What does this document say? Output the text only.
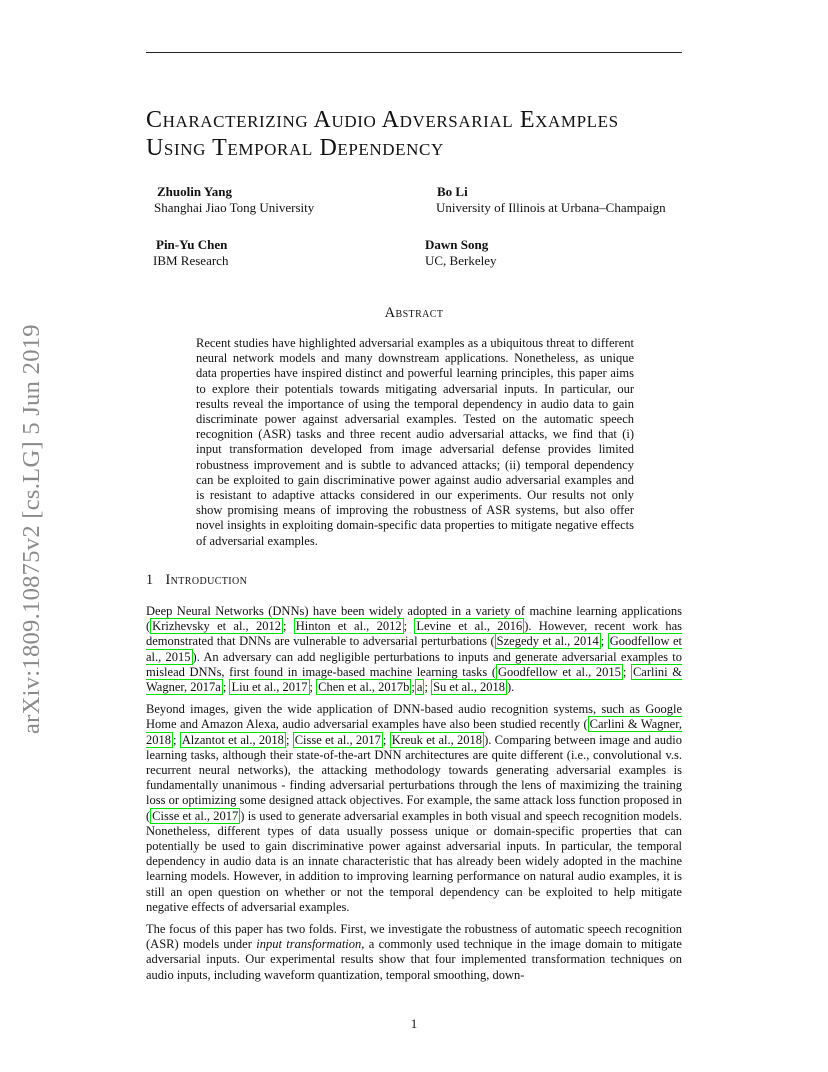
Characterizing Audio Adversarial Examples
Using Temporal Dependency
Zhuolin Yang
Shanghai Jiao Tong University
Bo Li
University of Illinois at Urbana–Champaign
Pin-Yu Chen
IBM Research
Dawn Song
UC, Berkeley
Abstract

Recent studies have highlighted adversarial examples as a ubiquitous threat to different neural network models and many downstream applications. Nonetheless, as unique data properties have inspired distinct and powerful learning principles, this paper aims to explore their potentials towards mitigating adversarial inputs. In particular, our results reveal the importance of using the temporal dependency in audio data to gain discriminate power against adversarial examples. Tested on the automatic speech recognition (ASR) tasks and three recent audio adversarial attacks, we find that (i) input transformation developed from image adversarial defense provides limited robustness improvement and is subtle to advanced attacks; (ii) temporal dependency can be exploited to gain discriminative power against audio adversarial examples and is resistant to adaptive attacks considered in our experiments. Our results not only show promising means of improving the robustness of ASR systems, but also offer novel insights in exploiting domain-specific data properties to mitigate negative effects of adversarial examples.

1 Introduction

Deep Neural Networks (DNNs) have been widely adopted in a variety of machine learning applications ( Krizhevsky et al., 2012 ; Hinton et al., 2012 ; Levine et al., 2016 ). However, recent work has demonstrated that DNNs are vulnerable to adversarial perturbations ( Szegedy et al., 2014 ; Goodfellow et al., 2015 ). An adversary can add negligible perturbations to inputs and generate adversarial examples to mislead DNNs, first found in image-based machine learning tasks ( Goodfellow et al., 2015 ; Carlini & Wagner, 2017a ; Liu et al., 2017 ; Chen et al., 2017b ; a ; Su et al., 2018 ).

Beyond images, given the wide application of DNN-based audio recognition systems, such as Google Home and Amazon Alexa, audio adversarial examples have also been studied recently ( Carlini & Wagner, 2018 ; Alzantot et al., 2018 ; Cisse et al., 2017 ; Kreuk et al., 2018 ). Comparing between image and audio learning tasks, although their state-of-the-art DNN architectures are quite different (i.e., convolutional v.s. recurrent neural networks), the attacking methodology towards generating adversarial examples is fundamentally unanimous - finding adversarial perturbations through the lens of maximizing the training loss or optimizing some designed attack objectives. For example, the same attack loss function proposed in ( Cisse et al., 2017 ) is used to generate adversarial examples in both visual and speech recognition models. Nonetheless, different types of data usually possess unique or domain-specific properties that can potentially be used to gain discriminative power against adversarial inputs. In particular, the temporal dependency in audio data is an innate characteristic that has already been widely adopted in the machine learning models. However, in addition to improving learning performance on natural audio examples, it is still an open question on whether or not the temporal dependency can be exploited to help mitigate negative effects of adversarial examples.

The focus of this paper has two folds. First, we investigate the robustness of automatic speech recognition (ASR) models under input transformation, a commonly used technique in the image domain to mitigate adversarial inputs. Our experimental results show that four implemented transformation techniques on audio inputs, including waveform quantization, temporal smoothing, down-

1
arXiv:1809.10875v2 [cs.LG] 5 Jun 2019
